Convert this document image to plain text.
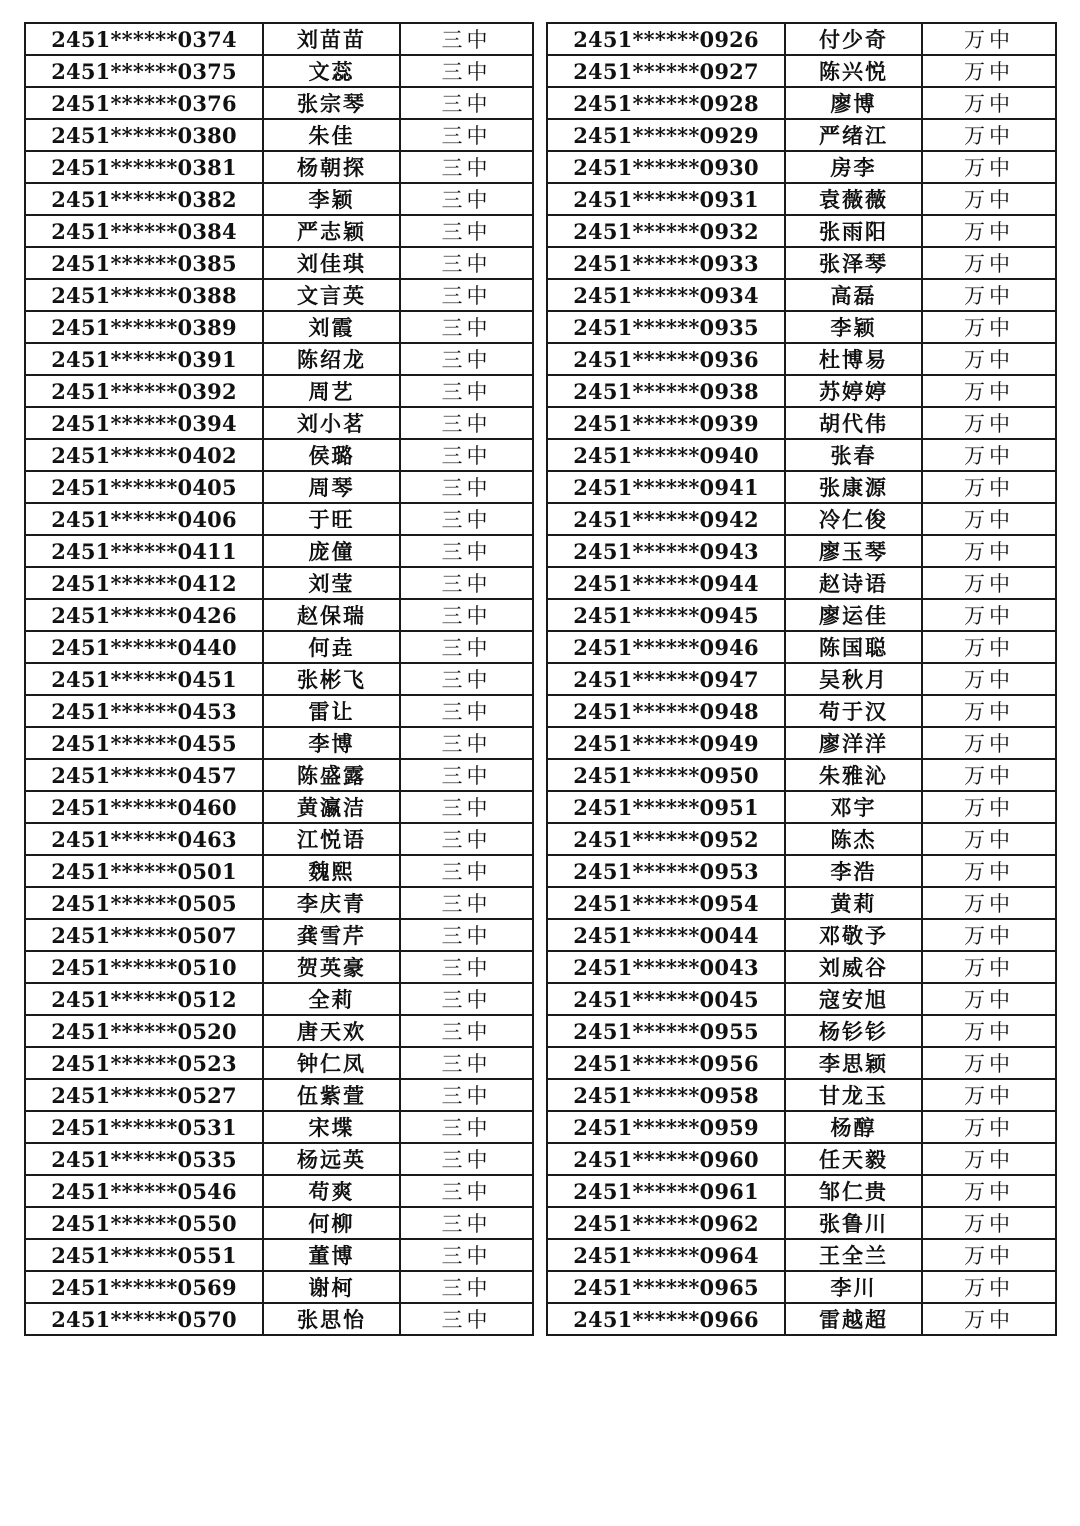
2451******0374	刘苗苗	三中
2451******0375	文蕊	三中
2451******0376	张宗琴	三中
2451******0380	朱佳	三中
2451******0381	杨朝探	三中
2451******0382	李颖	三中
2451******0384	严志颖	三中
2451******0385	刘佳琪	三中
2451******0388	文言英	三中
2451******0389	刘霞	三中
2451******0391	陈绍龙	三中
2451******0392	周艺	三中
2451******0394	刘小茗	三中
2451******0402	侯璐	三中
2451******0405	周琴	三中
2451******0406	于旺	三中
2451******0411	庞僮	三中
2451******0412	刘莹	三中
2451******0426	赵保瑞	三中
2451******0440	何垚	三中
2451******0451	张彬飞	三中
2451******0453	雷让	三中
2451******0455	李博	三中
2451******0457	陈盛露	三中
2451******0460	黄瀛洁	三中
2451******0463	江悦语	三中
2451******0501	魏熙	三中
2451******0505	李庆青	三中
2451******0507	龚雪芹	三中
2451******0510	贺英豪	三中
2451******0512	全莉	三中
2451******0520	唐天欢	三中
2451******0523	钟仁凤	三中
2451******0527	伍紫萱	三中
2451******0531	宋堞	三中
2451******0535	杨远英	三中
2451******0546	苟爽	三中
2451******0550	何柳	三中
2451******0551	董博	三中
2451******0569	谢柯	三中
2451******0570	张思怡	三中
2451******0926	付少奇	万中
2451******0927	陈兴悦	万中
2451******0928	廖博	万中
2451******0929	严绪江	万中
2451******0930	房李	万中
2451******0931	袁薇薇	万中
2451******0932	张雨阳	万中
2451******0933	张泽琴	万中
2451******0934	高磊	万中
2451******0935	李颖	万中
2451******0936	杜博易	万中
2451******0938	苏婷婷	万中
2451******0939	胡代伟	万中
2451******0940	张春	万中
2451******0941	张康源	万中
2451******0942	冷仁俊	万中
2451******0943	廖玉琴	万中
2451******0944	赵诗语	万中
2451******0945	廖运佳	万中
2451******0946	陈国聪	万中
2451******0947	吴秋月	万中
2451******0948	苟于汉	万中
2451******0949	廖洋洋	万中
2451******0950	朱雅沁	万中
2451******0951	邓宇	万中
2451******0952	陈杰	万中
2451******0953	李浩	万中
2451******0954	黄莉	万中
2451******0044	邓敬予	万中
2451******0043	刘威谷	万中
2451******0045	寇安旭	万中
2451******0955	杨钐钐	万中
2451******0956	李思颖	万中
2451******0958	甘龙玉	万中
2451******0959	杨醇	万中
2451******0960	任天毅	万中
2451******0961	邹仁贵	万中
2451******0962	张鲁川	万中
2451******0964	王全兰	万中
2451******0965	李川	万中
2451******0966	雷越超	万中
